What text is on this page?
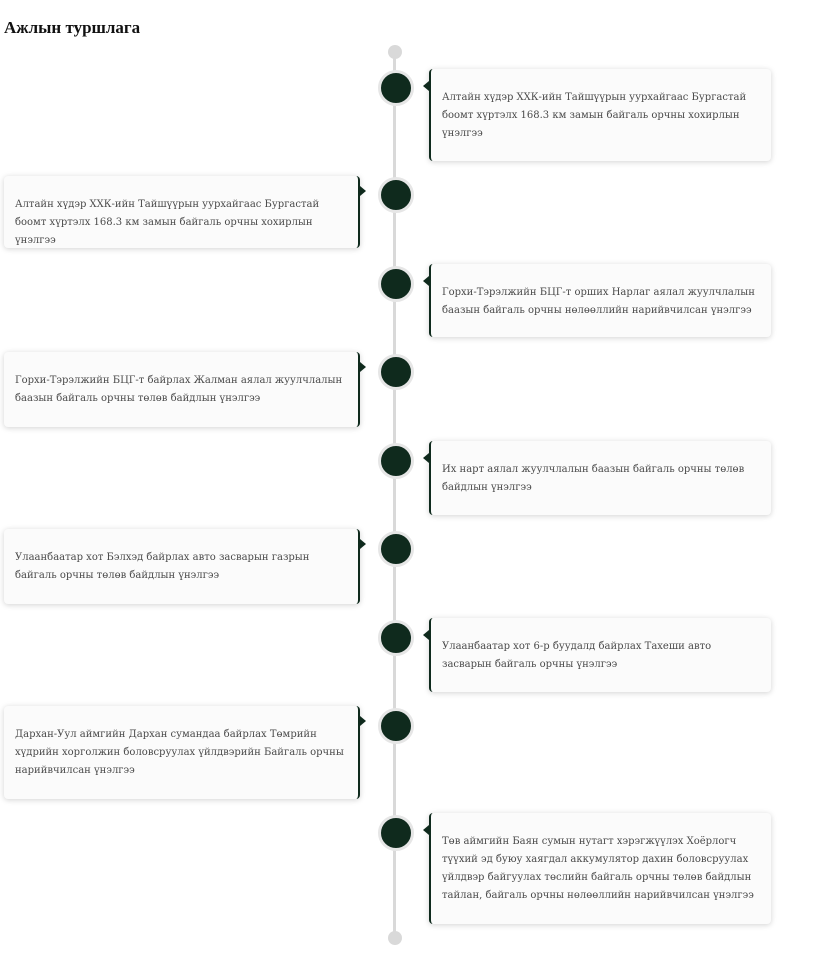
Ажлын туршлага
Алтайн хүдэр ХХК-ийн Тайшүүрын уурхайгаас Бургастай боомт хүртэлх 168.3 км замын байгаль орчны хохирлын үнэлгээ
Алтайн хүдэр ХХК-ийн Тайшүүрын уурхайгаас Бургастай боомт хүртэлх 168.3 км замын байгаль орчны хохирлын үнэлгээ
Горхи-Тэрэлжийн БЦГ-т орших Нарлаг аялал жуулчлалын баазын байгаль орчны нөлөөллийн нарийвчилсан үнэлгээ
Горхи-Тэрэлжийн БЦГ-т байрлах Жалман аялал жуулчлалын баазын байгаль орчны төлөв байдлын үнэлгээ
Их нарт аялал жуулчлалын баазын байгаль орчны төлөв байдлын үнэлгээ
Улаанбаатар хот Бэлхэд байрлах авто засварын газрын байгаль орчны төлөв байдлын үнэлгээ
Улаанбаатар хот 6-р буудалд байрлах Тахеши авто засварын байгаль орчны үнэлгээ
Дархан-Уул аймгийн Дархан сумандаа байрлах Төмрийн хүдрийн хорголжин боловсруулах үйлдвэрийн Байгаль орчны нарийвчилсан үнэлгээ
Төв аймгийн Баян сумын нутагт хэрэгжүүлэх Хоёрлогч түүхий эд буюу хаягдал аккумулятор дахин боловсруулах үйлдвэр байгуулах төслийн байгаль орчны төлөв байдлын тайлан, байгаль орчны нөлөөллийн нарийвчилсан үнэлгээ
